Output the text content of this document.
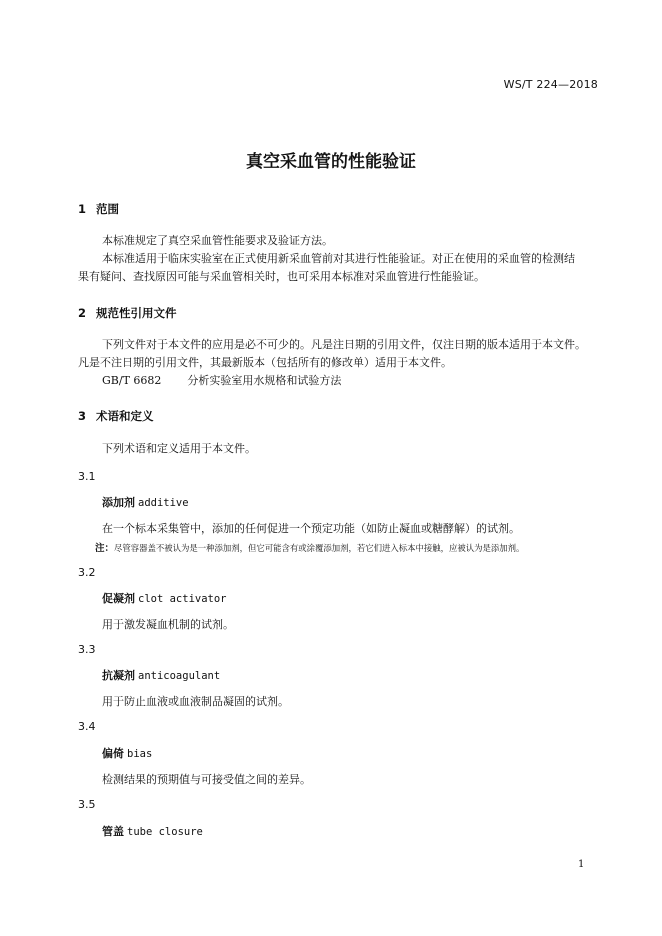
WS/T 224—2018
真空采血管的性能验证
1 范围
本标准规定了真空采血管性能要求及验证方法。
本标准适用于临床实验室在正式使用新采血管前对其进行性能验证。对正在使用的采血管的检测结
果有疑问、查找原因可能与采血管相关时，也可采用本标准对采血管进行性能验证。
2 规范性引用文件
下列文件对于本文件的应用是必不可少的。凡是注日期的引用文件，仅注日期的版本适用于本文件。
凡是不注日期的引用文件，其最新版本（包括所有的修改单）适用于本文件。
GB/T 6682 分析实验室用水规格和试验方法
3 术语和定义
下列术语和定义适用于本文件。
3.1
添加剂 additive
在一个标本采集管中，添加的任何促进一个预定功能（如防止凝血或糖酵解）的试剂。
注：尽管容器盖不被认为是一种添加剂，但它可能含有或涂覆添加剂，若它们进入标本中接触，应被认为是添加剂。
3.2
促凝剂 clot activator
用于激发凝血机制的试剂。
3.3
抗凝剂 anticoagulant
用于防止血液或血液制品凝固的试剂。
3.4
偏倚 bias
检测结果的预期值与可接受值之间的差异。
3.5
管盖 tube closure
1
